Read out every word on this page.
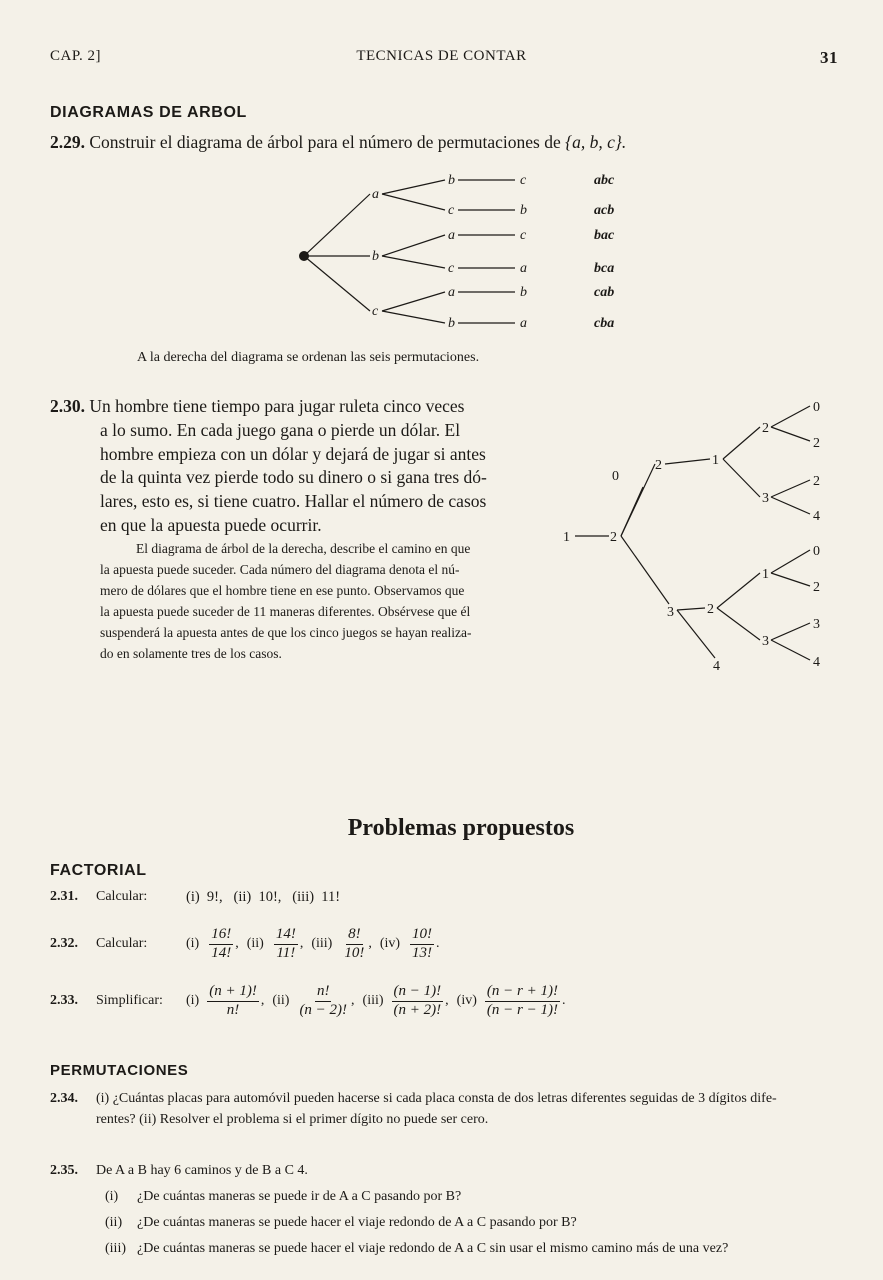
CAP. 2]	TECNICAS DE CONTAR	31
DIAGRAMAS DE ARBOL
2.29. Construir el diagrama de árbol para el número de permutaciones de {a, b, c}.
a
b
c
b
c
a
c
a
b
c
b
c
a
b
a
abc
acb
bac
bca
cab
cba
A la derecha del diagrama se ordenan las seis permutaciones.
2.30. Un hombre tiene tiempo para jugar ruleta cinco veces
a lo sumo. En cada juego gana o pierde un dólar. El
hombre empieza con un dólar y dejará de jugar si antes
de la quinta vez pierde todo su dinero o si gana tres dó-
lares, esto es, si tiene cuatro. Hallar el número de casos
en que la apuesta puede ocurrir.
El diagrama de árbol de la derecha, describe el camino en que
la apuesta puede suceder. Cada número del diagrama denota el nú-
mero de dólares que el hombre tiene en ese punto. Observamos que
la apuesta puede suceder de 11 maneras diferentes. Obsérvese que él
suspenderá la apuesta antes de que los cinco juegos se hayan realiza-
do en solamente tres de los casos.
1	2
0
3
4
2	1
2
3
0
2
2
4
2
1
3
0
2
3
4
Problemas propuestos
FACTORIAL
2.31.	Calcular:	(i)  9!,   (ii)  10!,   (iii)  11!
2.32.	Calcular:	$(i) \frac{16!}{14!}$ , $(ii) \frac{14!}{11!}$ , $(iii) \frac{8!}{10!}$ , $(iv) \frac{10!}{13!}$ .
2.33.	Simplificar:	$(i) \frac{(n + 1)!}{n!}$ , $(ii) \frac{n!}{(n - 2)!}$ , $(iii) \frac{(n - 1)!}{(n + 2)!}$ , $(iv) \frac{(n - r + 1)!}{(n - r - 1)!}$ .
PERMUTACIONES
2.34. (i) ¿Cuántas placas para automóvil pueden hacerse si cada placa consta de dos letras diferentes seguidas de 3 dígitos dife-
rentes? (ii) Resolver el problema si el primer dígito no puede ser cero.
2.35. De A a B hay 6 caminos y de B a C 4.
(i) ¿De cuántas maneras se puede ir de A a C pasando por B?
(ii) ¿De cuántas maneras se puede hacer el viaje redondo de A a C pasando por B?
(iii) ¿De cuántas maneras se puede hacer el viaje redondo de A a C sin usar el mismo camino más de una vez?
